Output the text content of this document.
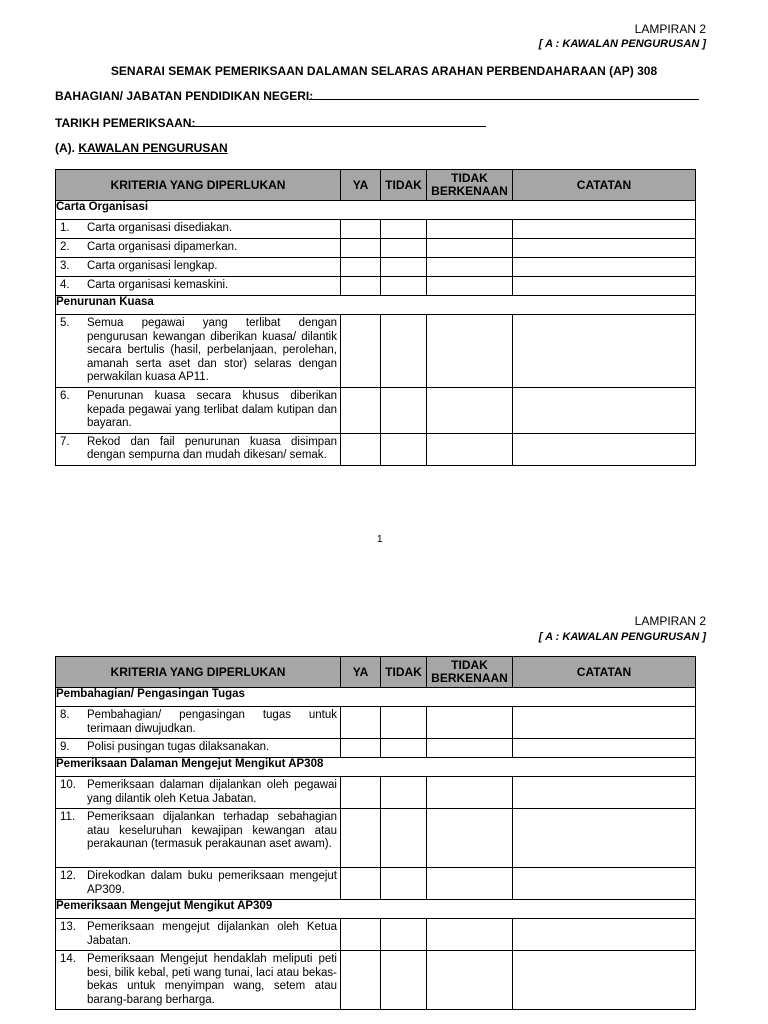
LAMPIRAN 2
[ A : KAWALAN PENGURUSAN ]
SENARAI SEMAK PEMERIKSAAN DALAMAN SELARAS ARAHAN PERBENDAHARAAN (AP) 308
BAHAGIAN/ JABATAN PENDIDIKAN NEGERI:
TARIKH PEMERIKSAAN:
(A). KAWALAN PENGURUSAN
KRITERIA YANG DIPERLUKAN	YA	TIDAK	TIDAK BERKENAAN	CATATAN
Carta Organisasi				
1. Carta organisasi disediakan.				
2. Carta organisasi dipamerkan.				
3. Carta organisasi lengkap.				
4. Carta organisasi kemaskini.				
Penurunan Kuasa				
5. Semua pegawai yang terlibat dengan pengurusan kewangan diberikan kuasa/ dilantik secara bertulis (hasil, perbelanjaan, perolehan, amanah serta aset dan stor) selaras dengan perwakilan kuasa AP11.				
6. Penurunan kuasa secara khusus diberikan kepada pegawai yang terlibat dalam kutipan dan bayaran.				
7. Rekod dan fail penurunan kuasa disimpan dengan sempurna dan mudah dikesan/ semak.				
1
LAMPIRAN 2
[ A : KAWALAN PENGURUSAN ]
KRITERIA YANG DIPERLUKAN	YA	TIDAK	TIDAK BERKENAAN	CATATAN
Pembahagian/ Pengasingan Tugas				
8. Pembahagian/ pengasingan tugas untuk terimaan diwujudkan.				
9. Polisi pusingan tugas dilaksanakan.				
Pemeriksaan Dalaman Mengejut Mengikut AP308				
10. Pemeriksaan dalaman dijalankan oleh pegawai yang dilantik oleh Ketua Jabatan.				
11. Pemeriksaan dijalankan terhadap sebahagian atau keseluruhan kewajipan kewangan atau perakaunan (termasuk perakaunan aset awam).				
12. Direkodkan dalam buku pemeriksaan mengejut AP309.				
Pemeriksaan Mengejut Mengikut AP309				
13. Pemeriksaan mengejut dijalankan oleh Ketua Jabatan.				
14. Pemeriksaan Mengejut hendaklah meliputi peti besi, bilik kebal, peti wang tunai, laci atau bekas-bekas untuk menyimpan wang, setem atau barang-barang berharga.				
